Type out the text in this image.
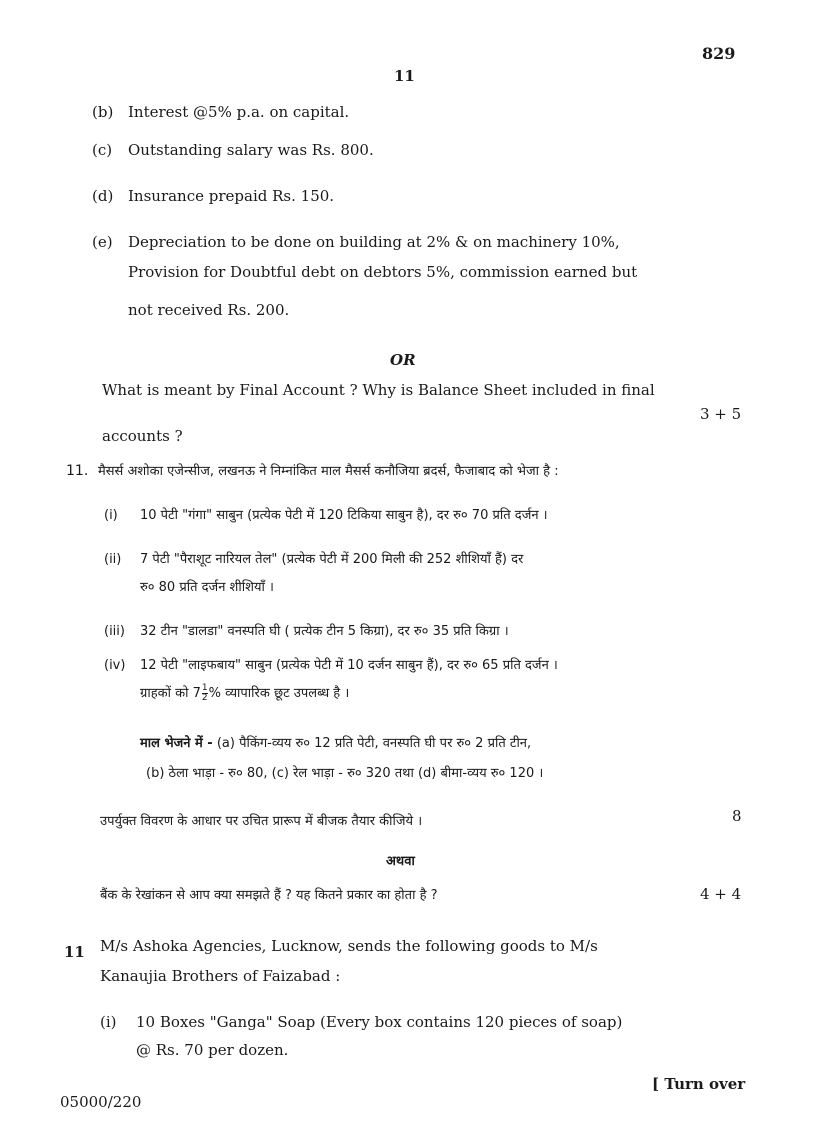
829
11
(b) Interest @5% p.a. on capital.
(c) Outstanding salary was Rs. 800.
(d) Insurance prepaid Rs. 150.
(e) Depreciation to be done on building at 2% & on machinery 10%,
Provision for Doubtful debt on debtors 5%, commission earned but
not received Rs. 200.
OR
What is meant by Final Account ? Why is Balance Sheet included in final
3 + 5
accounts ?
11. मैसर्स अशोका एजेन्सीज, लखनऊ ने निम्नांकित माल मैसर्स कनौजिया ब्रदर्स, फैजाबाद को भेजा है :
(i) 10 पेटी "गंगा" साबुन (प्रत्येक पेटी में 120 टिकिया साबुन है), दर रु० 70 प्रति दर्जन ।
(ii) 7 पेटी "पैराशूट नारियल तेल" (प्रत्येक पेटी में 200 मिली की 252 शीशियाँ हैं) दर
रु० 80 प्रति दर्जन शीशियाँ ।
(iii) 32 टीन "डालडा" वनस्पति घी ( प्रत्येक टीन 5 किग्रा), दर रु० 35 प्रति किग्रा ।
(iv) 12 पेटी "लाइफबाय" साबुन (प्रत्येक पेटी में 10 दर्जन साबुन हैं), दर रु० 65 प्रति दर्जन ।
ग्राहकों को $7 \frac{1}{2}$ % व्यापारिक छूट उपलब्ध है ।
माल भेजने में - (a) पैकिंग-व्यय रु० 12 प्रति पेटी, वनस्पति घी पर रु० 2 प्रति टीन,
(b) ठेला भाड़ा - रु० 80, (c) रेल भाड़ा - रु० 320 तथा (d) बीमा-व्यय रु० 120 ।
उपर्युक्त विवरण के आधार पर उचित प्रारूप में बीजक तैयार कीजिये ।	8
अथवा
बैंक के रेखांकन से आप क्या समझते हैं ? यह कितने प्रकार का होता है ?	4 + 4
11 M/s Ashoka Agencies, Lucknow, sends the following goods to M/s
Kanaujia Brothers of Faizabad :
(i) 10 Boxes "Ganga" Soap (Every box contains 120 pieces of soap)
@ Rs. 70 per dozen.
[ Turn over
05000/220
